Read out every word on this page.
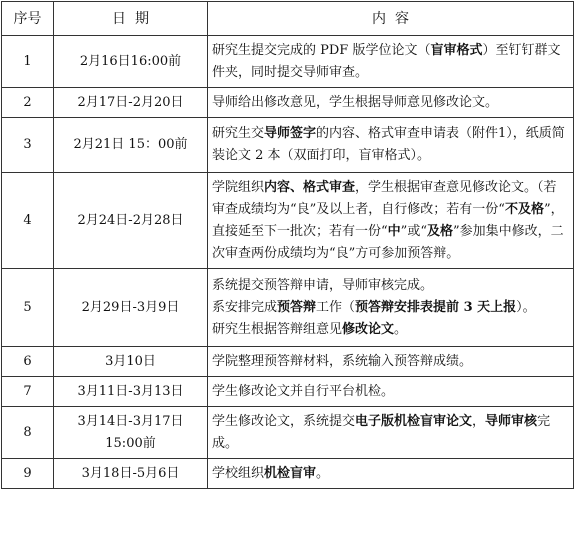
序号	日  期	内  容
1	2月16日16:00前	研究生提交完成的 PDF 版学位论文（盲审格式）至钉钉群文件夹，同时提交导师审查。
2	2月17日-2月20日	导师给出修改意见，学生根据导师意见修改论文。
3	2月21日 15：00前	研究生交导师签字的内容、格式审查申请表（附件1），纸质简装论文 2 本（双面打印，盲审格式）。
4	2月24日-2月28日	学院组织内容、格式审查，学生根据审查意见修改论文。（若审查成绩均为“良”及以上者，自行修改；若有一份“不及格”，直接延至下一批次；若有一份“中”或“及格”参加集中修改，二次审查两份成绩均为“良”方可参加预答辩。
5	2月29日-3月9日	系统提交预答辩申请，导师审核完成。
系安排完成预答辩工作（预答辩安排表提前 3 天上报）。
研究生根据答辩组意见修改论文。
6	3月10日	学院整理预答辩材料，系统输入预答辩成绩。
7	3月11日-3月13日	学生修改论文并自行平台机检。
8	3月14日-3月17日 15:00前	学生修改论文，系统提交电子版机检盲审论文，导师审核完成。
9	3月18日-5月6日	学校组织机检盲审。
